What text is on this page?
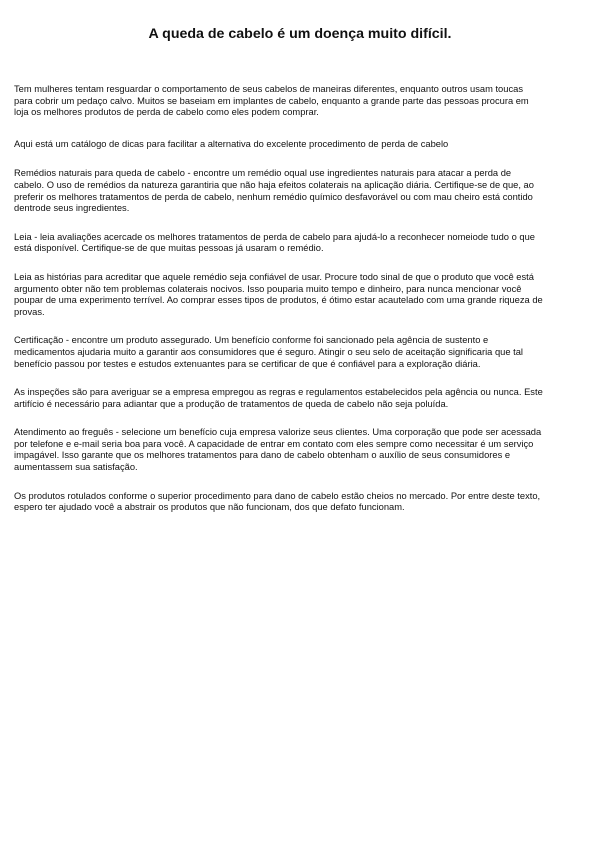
A queda de cabelo é um doença muito difícil.

Tem mulheres tentam resguardar o comportamento de seus cabelos de maneiras diferentes, enquanto outros usam toucas
para cobrir um pedaço calvo. Muitos se baseiam em implantes de cabelo, enquanto a grande parte das pessoas procura em
loja os melhores produtos de perda de cabelo como eles podem comprar.

Aqui está um catálogo de dicas para facilitar a alternativa do excelente procedimento de perda de cabelo

Remédios naturais para queda de cabelo - encontre um remédio oqual use ingredientes naturais para atacar a perda de
cabelo. O uso de remédios da natureza garantiria que não haja efeitos colaterais na aplicação diária. Certifique-se de que, ao
preferir os melhores tratamentos de perda de cabelo, nenhum remédio químico desfavorável ou com mau cheiro está contido
dentrode seus ingredientes.

Leia - leia avaliações acercade os melhores tratamentos de perda de cabelo para ajudá-lo a reconhecer nomeiode tudo o que
está disponível. Certifique-se de que muitas pessoas já usaram o remédio.

Leia as histórias para acreditar que aquele remédio seja confiável de usar. Procure todo sinal de que o produto que você está
argumento obter não tem problemas colaterais nocivos. Isso pouparia muito tempo e dinheiro, para nunca mencionar você
poupar de uma experimento terrível. Ao comprar esses tipos de produtos, é ótimo estar acautelado com uma grande riqueza de
provas.

Certificação - encontre um produto assegurado. Um benefício conforme foi sancionado pela agência de sustento e
medicamentos ajudaria muito a garantir aos consumidores que é seguro. Atingir o seu selo de aceitação significaria que tal
benefício passou por testes e estudos extenuantes para se certificar de que é confiável para a exploração diária.

As inspeções são para averiguar se a empresa empregou as regras e regulamentos estabelecidos pela agência ou nunca. Este
artifício é necessário para adiantar que a produção de tratamentos de queda de cabelo não seja poluída.

Atendimento ao freguês - selecione um benefício cuja empresa valorize seus clientes. Uma corporação que pode ser acessada
por telefone e e-mail seria boa para você. A capacidade de entrar em contato com eles sempre como necessitar é um serviço
impagável. Isso garante que os melhores tratamentos para dano de cabelo obtenham o auxílio de seus consumidores e
aumentassem sua satisfação.

Os produtos rotulados conforme o superior procedimento para dano de cabelo estão cheios no mercado. Por entre deste texto,
espero ter ajudado você a abstrair os produtos que não funcionam, dos que defato funcionam.
